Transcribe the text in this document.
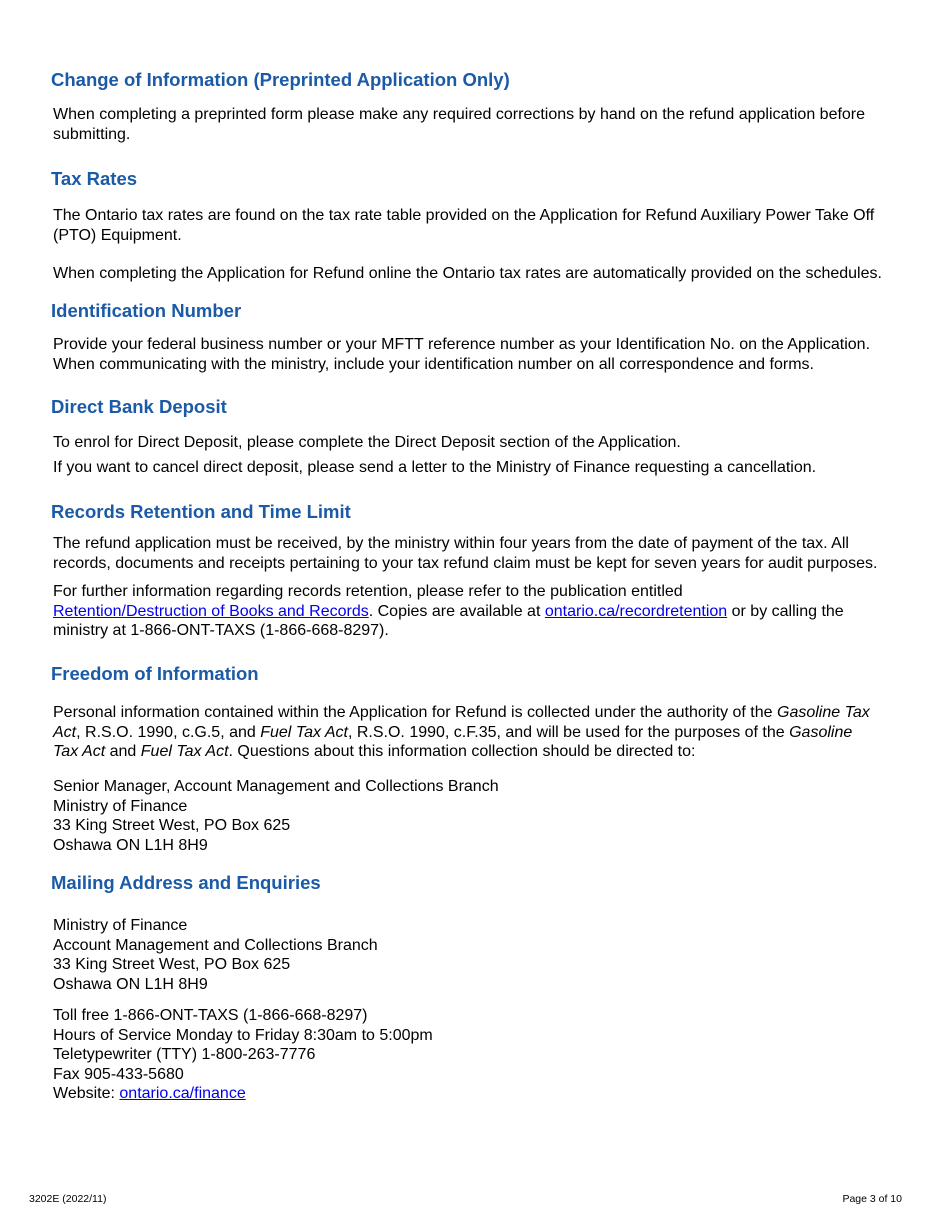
Change of Information (Preprinted Application Only)
When completing a preprinted form please make any required corrections by hand on the refund application before
submitting.
Tax Rates
The Ontario tax rates are found on the tax rate table provided on the Application for Refund Auxiliary Power Take Off
(PTO) Equipment.
When completing the Application for Refund online the Ontario tax rates are automatically provided on the schedules.
Identification Number
Provide your federal business number or your MFTT reference number as your Identification No. on the Application.
When communicating with the ministry, include your identification number on all correspondence and forms.
Direct Bank Deposit
To enrol for Direct Deposit, please complete the Direct Deposit section of the Application.
If you want to cancel direct deposit, please send a letter to the Ministry of Finance requesting a cancellation.
Records Retention and Time Limit
The refund application must be received, by the ministry within four years from the date of payment of the tax. All
records, documents and receipts pertaining to your tax refund claim must be kept for seven years for audit purposes.
For further information regarding records retention, please refer to the publication entitled
Retention/Destruction of Books and Records. Copies are available at ontario.ca/recordretention or by calling the
ministry at 1-866-ONT-TAXS (1-866-668-8297).
Freedom of Information
Personal information contained within the Application for Refund is collected under the authority of the Gasoline Tax
Act, R.S.O. 1990, c.G.5, and Fuel Tax Act, R.S.O. 1990, c.F.35, and will be used for the purposes of the Gasoline
Tax Act and Fuel Tax Act. Questions about this information collection should be directed to:
Senior Manager, Account Management and Collections Branch
Ministry of Finance
33 King Street West, PO Box 625
Oshawa ON L1H 8H9
Mailing Address and Enquiries
Ministry of Finance
Account Management and Collections Branch
33 King Street West, PO Box 625
Oshawa ON L1H 8H9
Toll free 1-866-ONT-TAXS (1-866-668-8297)
Hours of Service Monday to Friday 8:30am to 5:00pm
Teletypewriter (TTY) 1-800-263-7776
Fax 905-433-5680
Website: ontario.ca/finance
3202E (2022/11)	Page 3 of 10
